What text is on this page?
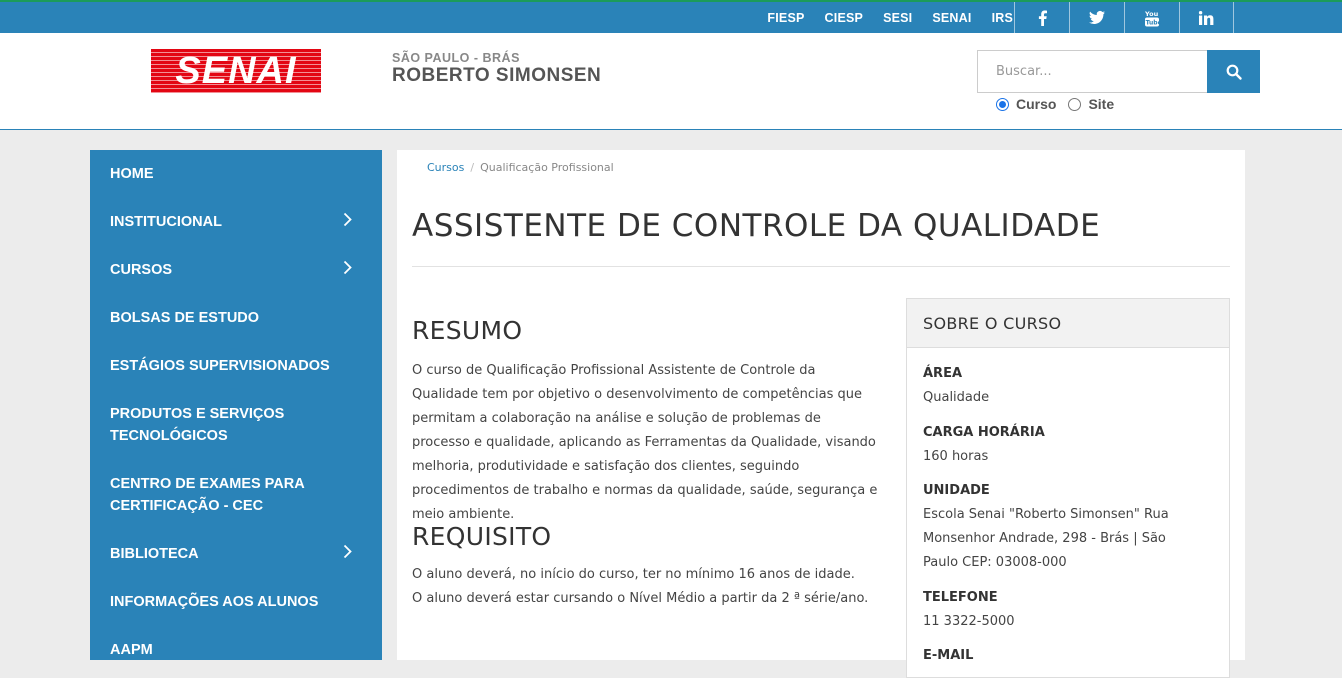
FIESP CIESP SESI SENAI IRS	You
Tube
SENAI	SÃO PAULO - BRÁS
ROBERTO SIMONSEN	Buscar...
Curso Site
HOME
INSTITUCIONAL
CURSOS
BOLSAS DE ESTUDO
ESTÁGIOS SUPERVISIONADOS
PRODUTOS E SERVIÇOS TECNOLÓGICOS
CENTRO DE EXAMES PARA CERTIFICAÇÃO - CEC
BIBLIOTECA
INFORMAÇÕES AOS ALUNOS
AAPM
Cursos / Qualificação Profissional
ASSISTENTE DE CONTROLE DA QUALIDADE
RESUMO
O curso de Qualificação Profissional Assistente de Controle da Qualidade tem por objetivo o desenvolvimento de competências que permitam a colaboração na análise e solução de problemas de processo e qualidade, aplicando as Ferramentas da Qualidade, visando melhoria, produtividade e satisfação dos clientes, seguindo procedimentos de trabalho e normas da qualidade, saúde, segurança e meio ambiente.
REQUISITO
O aluno deverá, no início do curso, ter no mínimo 16 anos de idade.
O aluno deverá estar cursando o Nível Médio a partir da 2 ª série/ano.
SOBRE O CURSO
ÁREA
Qualidade
CARGA HORÁRIA
160 horas
UNIDADE
Escola Senai "Roberto Simonsen" Rua Monsenhor Andrade, 298 - Brás | São Paulo CEP: 03008-000
TELEFONE
11 3322-5000
E-MAIL
